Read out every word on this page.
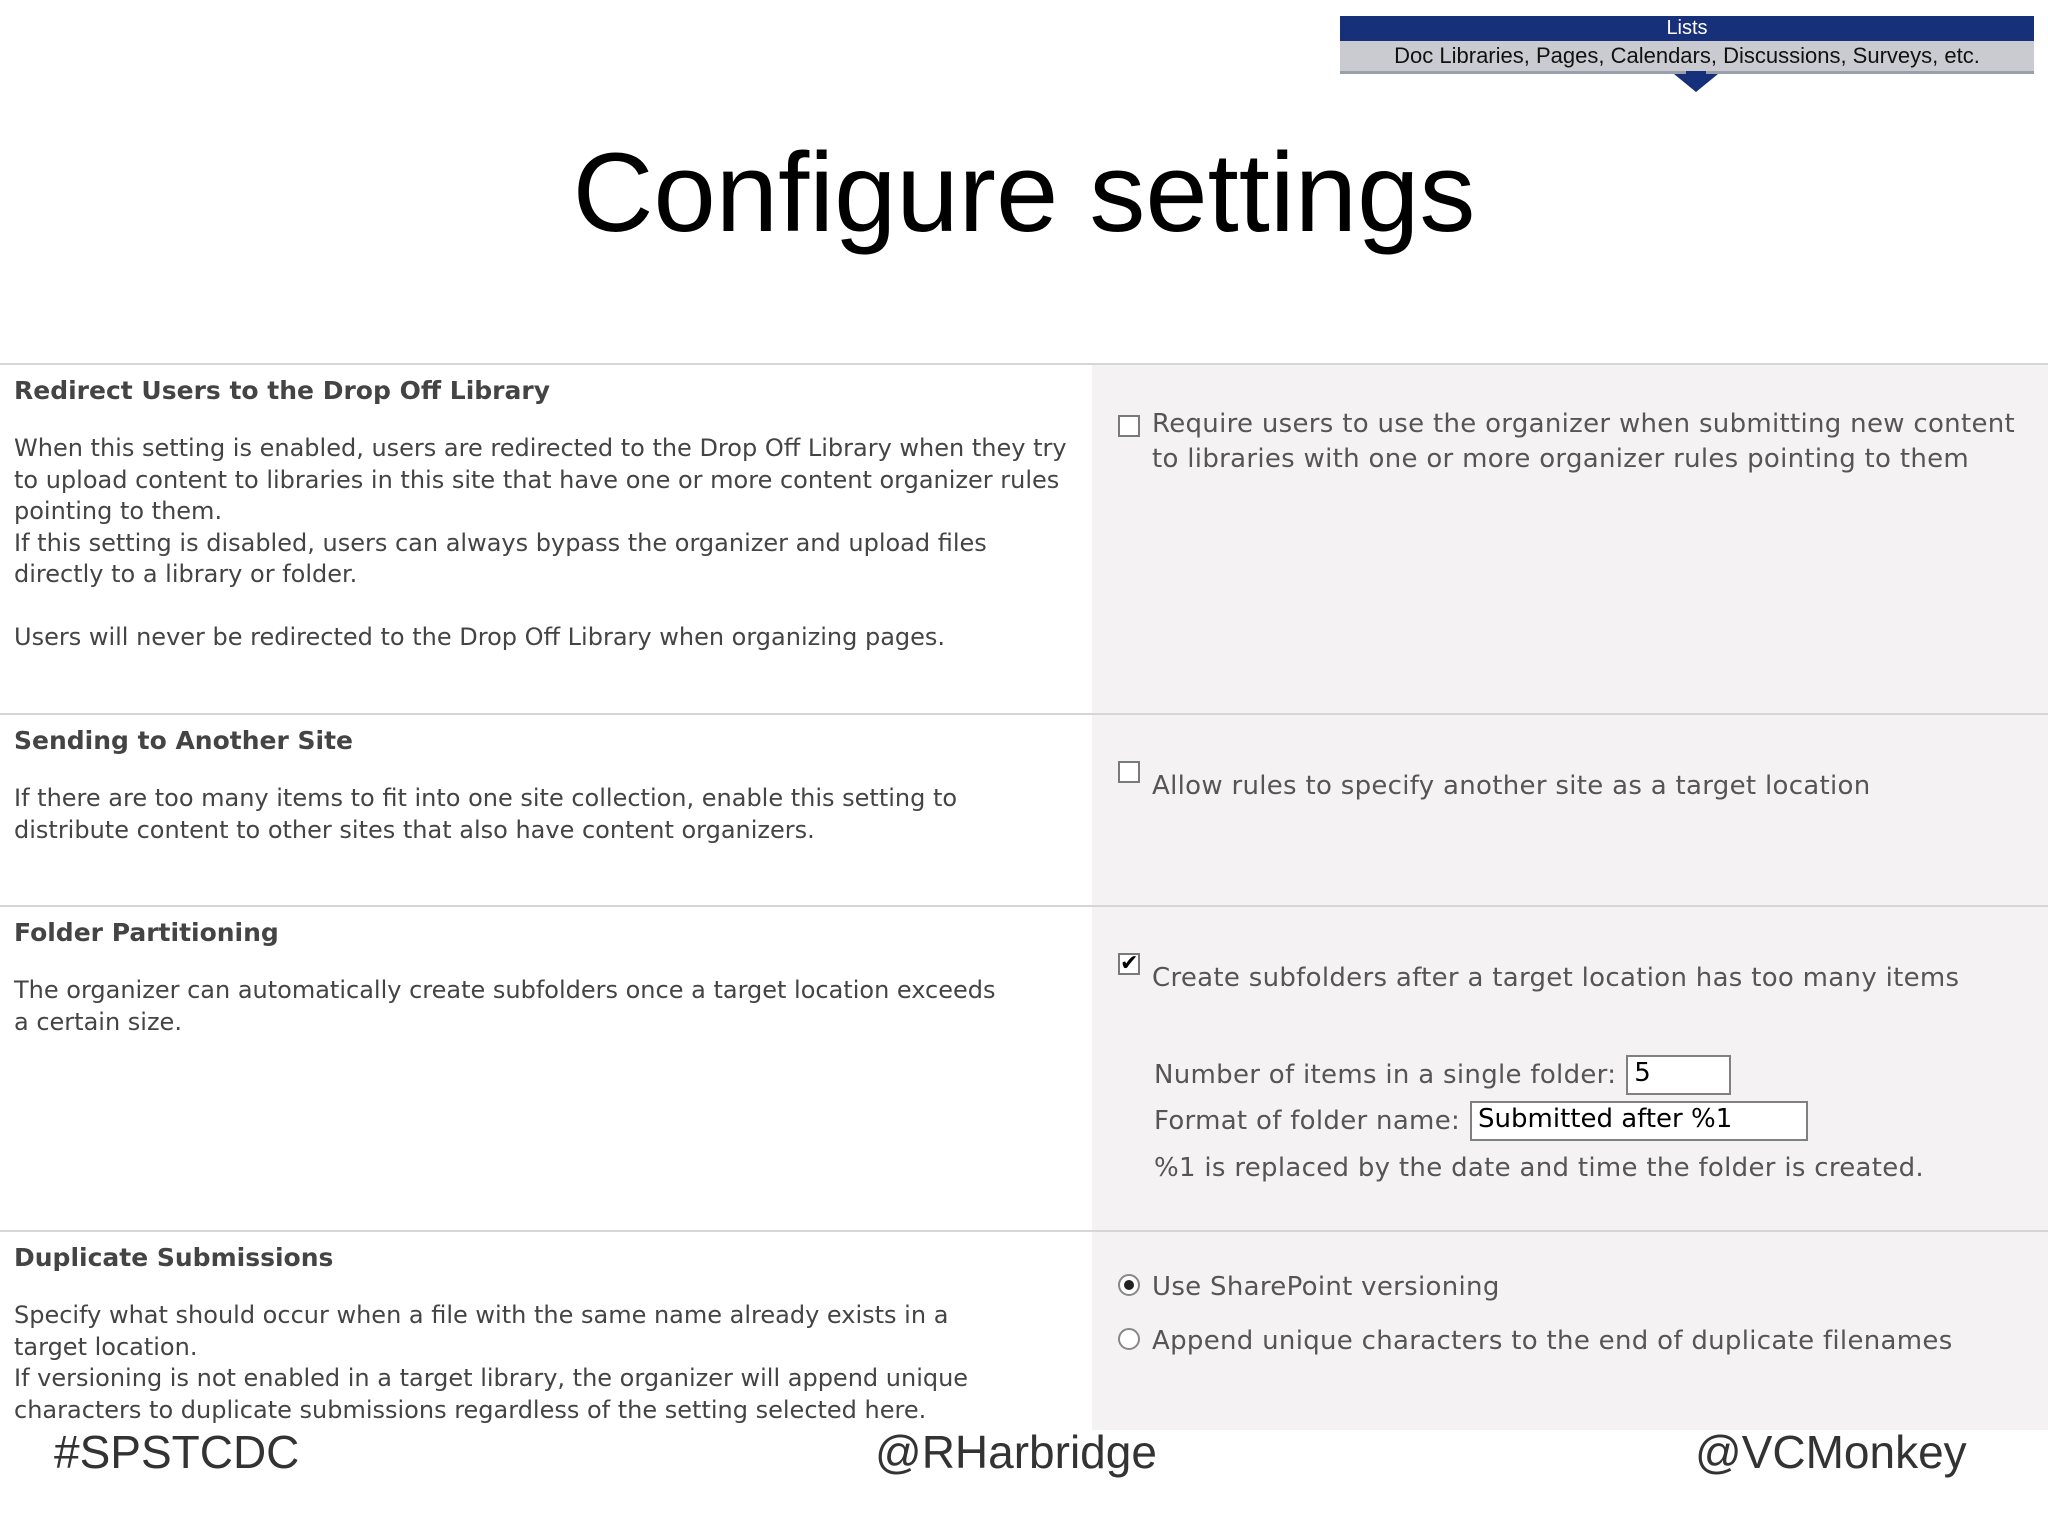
Lists
Doc Libraries, Pages, Calendars, Discussions, Surveys, etc.
Configure settings

Redirect Users to the Drop Off Library

When this setting is enabled, users are redirected to the Drop Off Library when they try to upload content to libraries in this site that have one or more content organizer rules pointing to them.

If this setting is disabled, users can always bypass the organizer and upload files directly to a library or folder.

Users will never be redirected to the Drop Off Library when organizing pages.

Require users to use the organizer when submitting new content to libraries with one or more organizer rules pointing to them

Sending to Another Site

If there are too many items to fit into one site collection, enable this setting to distribute content to other sites that also have content organizers.

Allow rules to specify another site as a target location

Folder Partitioning

The organizer can automatically create subfolders once a target location exceeds a certain size.

✔ Create subfolders after a target location has too many items
Number of items in a single folder: 5
Format of folder name: Submitted after %1
%1 is replaced by the date and time the folder is created.

Duplicate Submissions

Specify what should occur when a file with the same name already exists in a target location.

If versioning is not enabled in a target library, the organizer will append unique characters to duplicate submissions regardless of the setting selected here.

Use SharePoint versioning
Append unique characters to the end of duplicate filenames
#SPSTCDC	@RHarbridge	@VCMonkey
